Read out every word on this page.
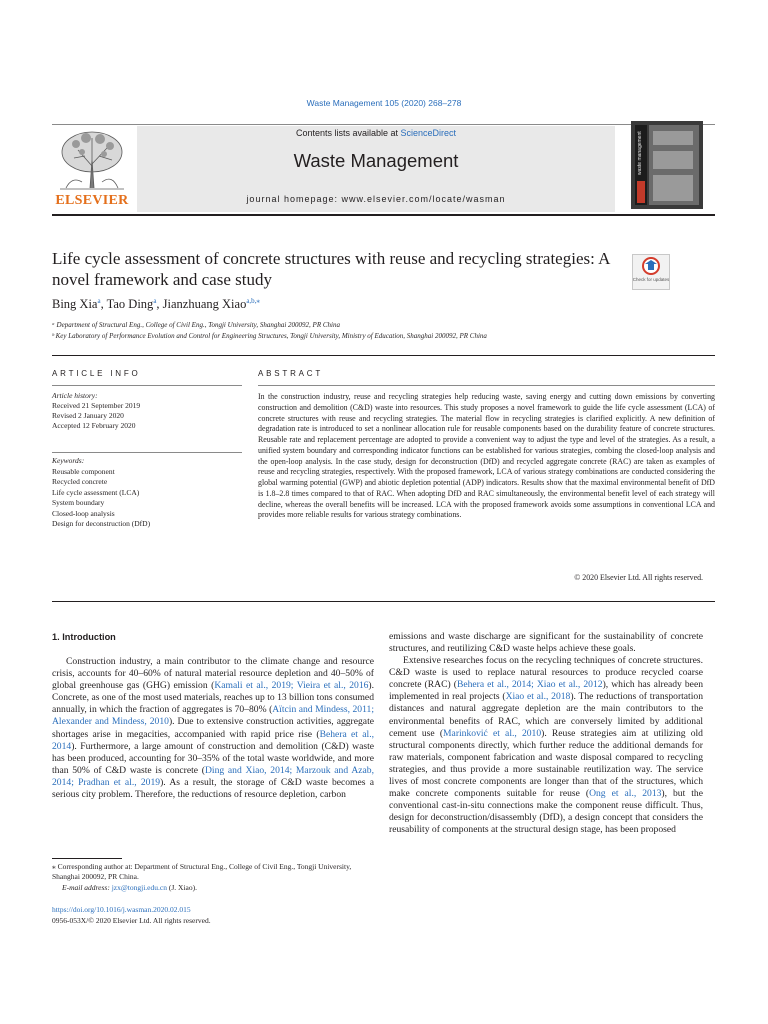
Waste Management 105 (2020) 268–278
ELSEVIER
Contents lists available at ScienceDirect
Waste Management
journal homepage: www.elsevier.com/locate/wasman
waste management
Life cycle assessment of concrete structures with reuse and recycling strategies: A novel framework and case study	Check for updates
Bing Xia$^a$, Tao Ding$^a$, Jianzhuang Xiao$^{a,b,⁎}$
ᵃ Department of Structural Eng., College of Civil Eng., Tongji University, Shanghai 200092, PR China
ᵇ Key Laboratory of Performance Evolution and Control for Engineering Structures, Tongji University, Ministry of Education, Shanghai 200092, PR China
ARTICLE INFO	ABSTRACT
Article history:
Received 21 September 2019
Revised 2 January 2020
Accepted 12 February 2020
Keywords:
Reusable component
Recycled concrete
Life cycle assessment (LCA)
System boundary
Closed-loop analysis
Design for deconstruction (DfD)
In the construction industry, reuse and recycling strategies help reducing waste, saving energy and cutting down emissions by converting construction and demolition (C&D) waste into resources. This study proposes a novel framework to guide the life cycle assessment (LCA) of concrete structures with reuse and recycling strategies. The material flow in recycling strategies is clarified explicitly. A new definition of degradation rate is introduced to set a nonlinear allocation rule for reusable components based on the durability feature of concrete structures. Reusable rate and replacement percentage are adopted to provide a convenient way to adjust the type and level of the strategies. As a result, a unified system boundary and corresponding indicator functions can be established for various strategies, combing the closed-loop analysis and the open-loop analysis. In the case study, design for deconstruction (DfD) and recycled aggregate concrete (RAC) are taken as examples of reuse and recycling strategies, respectively. With the proposed framework, LCA of various strategy combinations are conducted considering the global warming potential (GWP) and abiotic depletion potential (ADP) indicators. Results show that the maximal environmental benefit of DfD is 1.8–2.8 times compared to that of RAC. When adopting DfD and RAC simultaneously, the environmental benefit level of each strategy will decline, whereas the overall benefits will be increased. LCA with the proposed framework avoids some assumptions in conventional LCA and provides more reliable results for various strategy combinations.
© 2020 Elsevier Ltd. All rights reserved.

1. Introduction

Construction industry, a main contributor to the climate change and resource crisis, accounts for 40–60% of natural material resource depletion and 40–50% of global greenhouse gas (GHG) emission (Kamali et al., 2019; Vieira et al., 2016). Concrete, as one of the most used materials, reaches up to 13 billion tons consumed annually, in which the fraction of aggregates is 70–80% (Aïtcin and Mindess, 2011; Alexander and Mindess, 2010). Due to extensive construction activities, aggregate shortages arise in megacities, accompanied with rapid price rise (Behera et al., 2014). Furthermore, a large amount of construction and demolition (C&D) waste has been produced, accounting for 30–35% of the total waste worldwide, and more than 50% of C&D waste is concrete (Ding and Xiao, 2014; Marzouk and Azab, 2014; Pradhan et al., 2019). As a result, the storage of C&D waste becomes a serious city problem. Therefore, the reductions of resource depletion, carbon

emissions and waste discharge are significant for the sustainability of concrete structures, and reutilizing C&D waste helps achieve these goals.

Extensive researches focus on the recycling techniques of concrete structures. C&D waste is used to replace natural resources to produce recycled coarse concrete (RAC) (Behera et al., 2014; Xiao et al., 2012), which has already been implemented in real projects (Xiao et al., 2018). The reductions of transportation distances and natural aggregate depletion are the main contributors to the environmental benefits of RAC, which are conversely limited by additional cement use (Marinković et al., 2010). Reuse strategies aim at utilizing old structural components directly, which further reduce the additional demands for raw materials, component fabrication and waste disposal compared to recycling strategies, and thus provide a more sustainable reutilization way. The service lives of most concrete components are longer than that of the structures, which make concrete components suitable for reuse (Ong et al., 2013), but the conventional cast-in-situ connections make the component reuse difficult. Thus, design for deconstruction/disassembly (DfD), a design concept that considers the reusability of components at the structural design stage, has been proposed

⁎ Corresponding author at: Department of Structural Eng., College of Civil Eng., Tongji University, Shanghai 200092, PR China.
E-mail address: jzx@tongji.edu.cn (J. Xiao).
https://doi.org/10.1016/j.wasman.2020.02.015
0956-053X/© 2020 Elsevier Ltd. All rights reserved.
